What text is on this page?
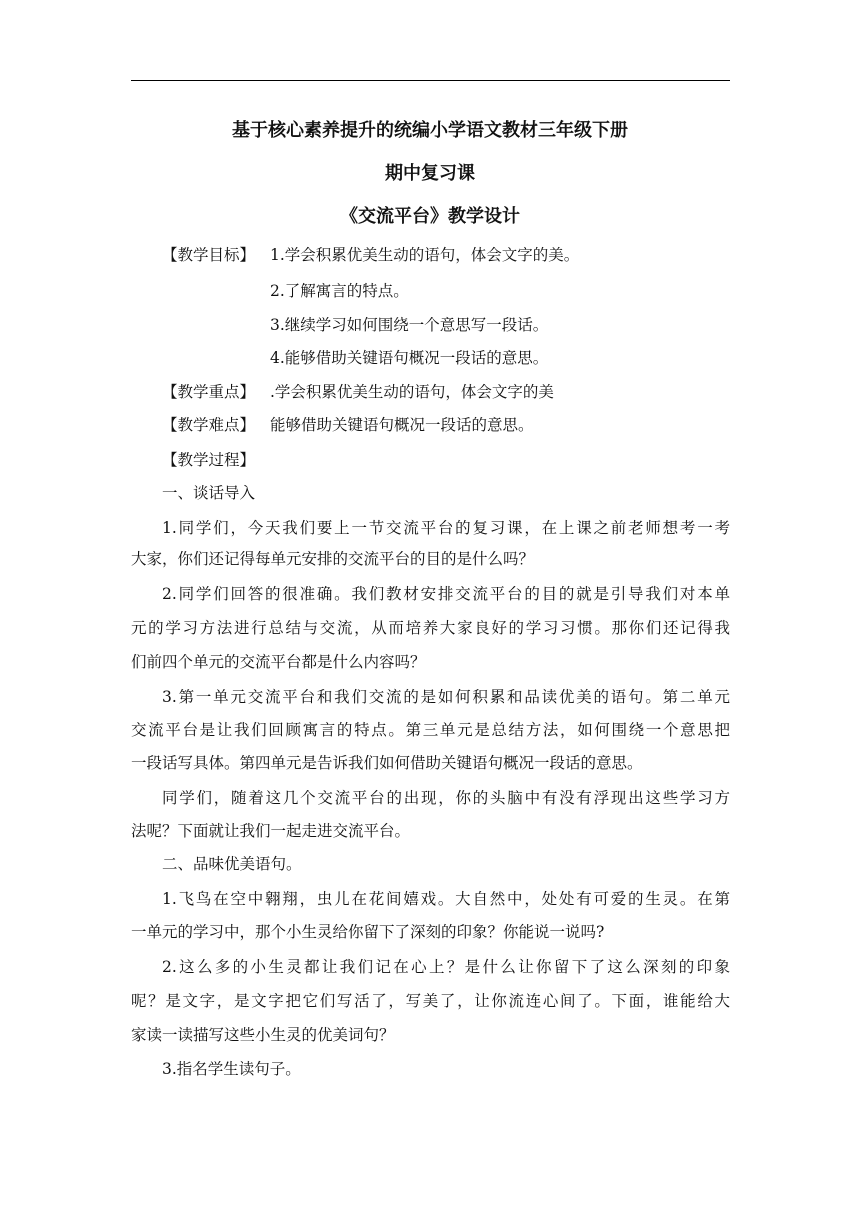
基于核心素养提升的统编小学语文教材三年级下册
期中复习课
《交流平台》教学设计
【教学目标】 1.学会积累优美生动的语句，体会文字的美。
2.了解寓言的特点。
3.继续学习如何围绕一个意思写一段话。
4.能够借助关键语句概况一段话的意思。
【教学重点】 .学会积累优美生动的语句，体会文字的美
【教学难点】 能够借助关键语句概况一段话的意思。
【教学过程】
一、谈话导入
1.同学们，今天我们要上一节交流平台的复习课，在上课之前老师想考一考
大家，你们还记得每单元安排的交流平台的目的是什么吗？
2.同学们回答的很准确。我们教材安排交流平台的目的就是引导我们对本单
元的学习方法进行总结与交流，从而培养大家良好的学习习惯。那你们还记得我
们前四个单元的交流平台都是什么内容吗？
3.第一单元交流平台和我们交流的是如何积累和品读优美的语句。第二单元
交流平台是让我们回顾寓言的特点。第三单元是总结方法，如何围绕一个意思把
一段话写具体。第四单元是告诉我们如何借助关键语句概况一段话的意思。
同学们，随着这几个交流平台的出现，你的头脑中有没有浮现出这些学习方
法呢？下面就让我们一起走进交流平台。
二、品味优美语句。
1.飞鸟在空中翱翔，虫儿在花间嬉戏。大自然中，处处有可爱的生灵。在第
一单元的学习中，那个小生灵给你留下了深刻的印象？你能说一说吗?
2.这么多的小生灵都让我们记在心上？是什么让你留下了这么深刻的印象
呢？是文字，是文字把它们写活了，写美了，让你流连心间了。下面，谁能给大
家读一读描写这些小生灵的优美词句？
3.指名学生读句子。
